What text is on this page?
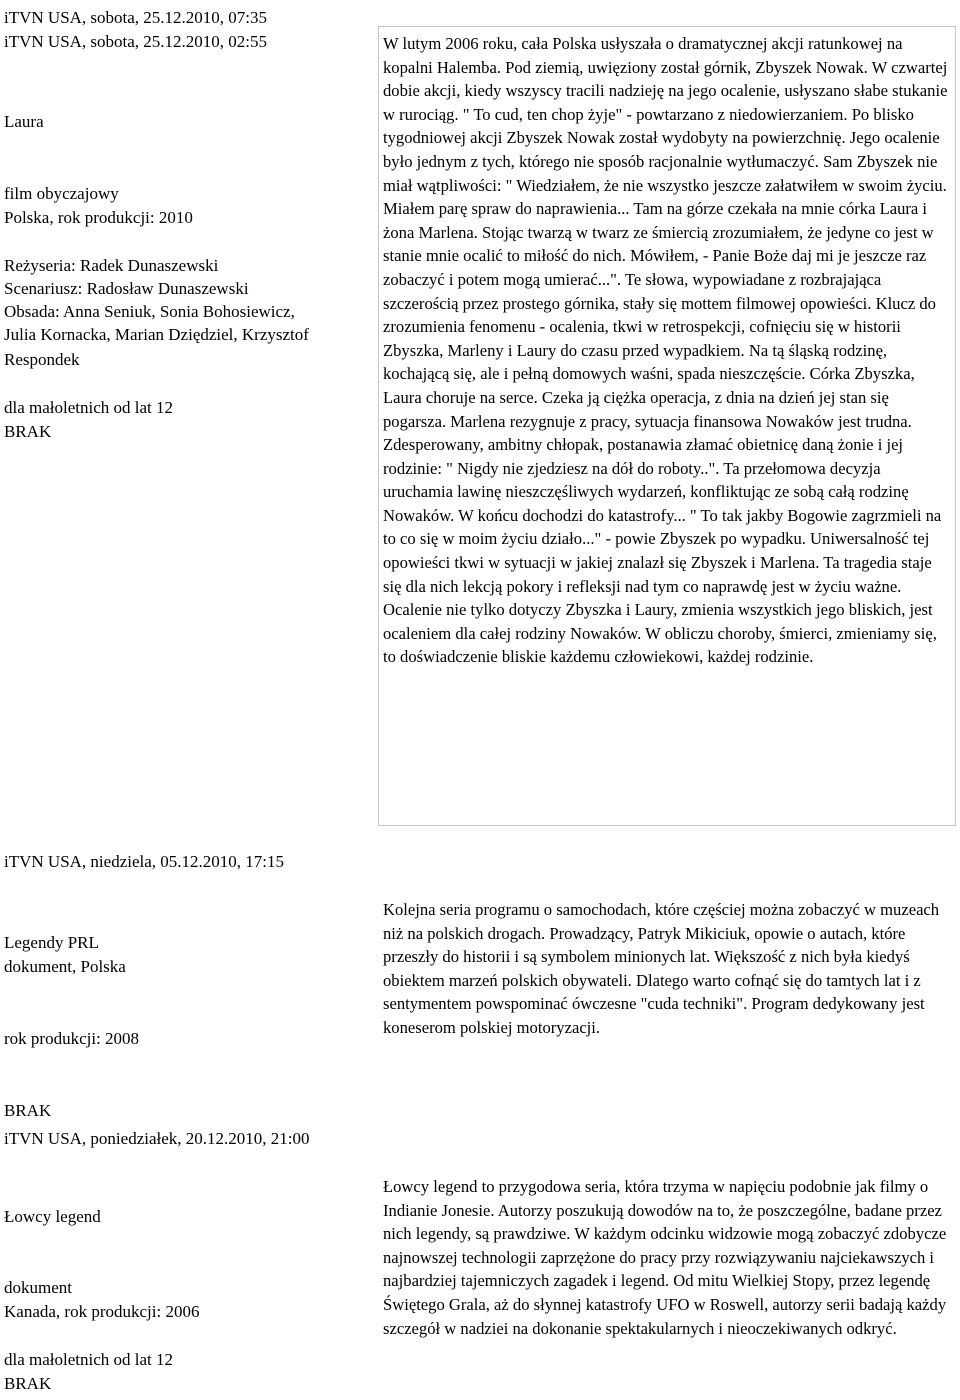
iTVN USA, sobota, 25.12.2010, 07:35
iTVN USA, sobota, 25.12.2010, 02:55
Laura
film obyczajowy
Polska, rok produkcji: 2010
Reżyseria: Radek Dunaszewski
Scenariusz: Radosław Dunaszewski
Obsada: Anna Seniuk, Sonia Bohosiewicz,
Julia Kornacka, Marian Dziędziel, Krzysztof
Respondek
dla małoletnich od lat 12
BRAK

W lutym 2006 roku, cała Polska usłyszała o dramatycznej akcji ratunkowej na kopalni Halemba. Pod ziemią, uwięziony został górnik, Zbyszek Nowak. W czwartej dobie akcji, kiedy wszyscy tracili nadzieję na jego ocalenie, usłyszano słabe stukanie w rurociąg. " To cud, ten chop żyje" - powtarzano z niedowierzaniem. Po blisko tygodniowej akcji Zbyszek Nowak został wydobyty na powierzchnię. Jego ocalenie było jednym z tych, którego nie sposób racjonalnie wytłumaczyć. Sam Zbyszek nie miał wątpliwości: " Wiedziałem, że nie wszystko jeszcze załatwiłem w swoim życiu. Miałem parę spraw do naprawienia... Tam na górze czekała na mnie córka Laura i żona Marlena. Stojąc twarzą w twarz ze śmiercią zrozumiałem, że jedyne co jest w stanie mnie ocalić to miłość do nich. Mówiłem, - Panie Boże daj mi je jeszcze raz zobaczyć i potem mogą umierać...". Te słowa, wypowiadane z rozbrajająca szczerością przez prostego górnika, stały się mottem filmowej opowieści. Klucz do zrozumienia fenomenu - ocalenia, tkwi w retrospekcji, cofnięciu się w historii Zbyszka, Marleny i Laury do czasu przed wypadkiem. Na tą śląską rodzinę, kochającą się, ale i pełną domowych waśni, spada nieszczęście. Córka Zbyszka, Laura choruje na serce. Czeka ją ciężka operacja, z dnia na dzień jej stan się pogarsza. Marlena rezygnuje z pracy, sytuacja finansowa Nowaków jest trudna. Zdesperowany, ambitny chłopak, postanawia złamać obietnicę daną żonie i jej rodzinie: " Nigdy nie zjedziesz na dół do roboty..". Ta przełomowa decyzja uruchamia lawinę nieszczęśliwych wydarzeń, konfliktując ze sobą całą rodzinę Nowaków. W końcu dochodzi do katastrofy... " To tak jakby Bogowie zagrzmieli na to co się w moim życiu działo..." - powie Zbyszek po wypadku. Uniwersalność tej opowieści tkwi w sytuacji w jakiej znalazł się Zbyszek i Marlena. Ta tragedia staje się dla nich lekcją pokory i refleksji nad tym co naprawdę jest w życiu ważne. Ocalenie nie tylko dotyczy Zbyszka i Laury, zmienia wszystkich jego bliskich, jest ocaleniem dla całej rodziny Nowaków. W obliczu choroby, śmierci, zmieniamy się, to doświadczenie bliskie każdemu człowiekowi, każdej rodzinie.

iTVN USA, niedziela, 05.12.2010, 17:15
Legendy PRL
dokument, Polska
rok produkcji: 2008
BRAK

Kolejna seria programu o samochodach, które częściej można zobaczyć w muzeach niż na polskich drogach. Prowadzący, Patryk Mikiciuk, opowie o autach, które przeszły do historii i są symbolem minionych lat. Większość z nich była kiedyś obiektem marzeń polskich obywateli. Dlatego warto cofnąć się do tamtych lat i z sentymentem powspominać ówczesne "cuda techniki". Program dedykowany jest koneserom polskiej motoryzacji.

iTVN USA, poniedziałek, 20.12.2010, 21:00
Łowcy legend
dokument
Kanada, rok produkcji: 2006
dla małoletnich od lat 12
BRAK

Łowcy legend to przygodowa seria, która trzyma w napięciu podobnie jak filmy o Indianie Jonesie. Autorzy poszukują dowodów na to, że poszczególne, badane przez nich legendy, są prawdziwe. W każdym odcinku widzowie mogą zobaczyć zdobycze najnowszej technologii zaprzężone do pracy przy rozwiązywaniu najciekawszych i najbardziej tajemniczych zagadek i legend. Od mitu Wielkiej Stopy, przez legendę Świętego Grala, aż do słynnej katastrofy UFO w Roswell, autorzy serii badają każdy szczegół w nadziei na dokonanie spektakularnych i nieoczekiwanych odkryć.
